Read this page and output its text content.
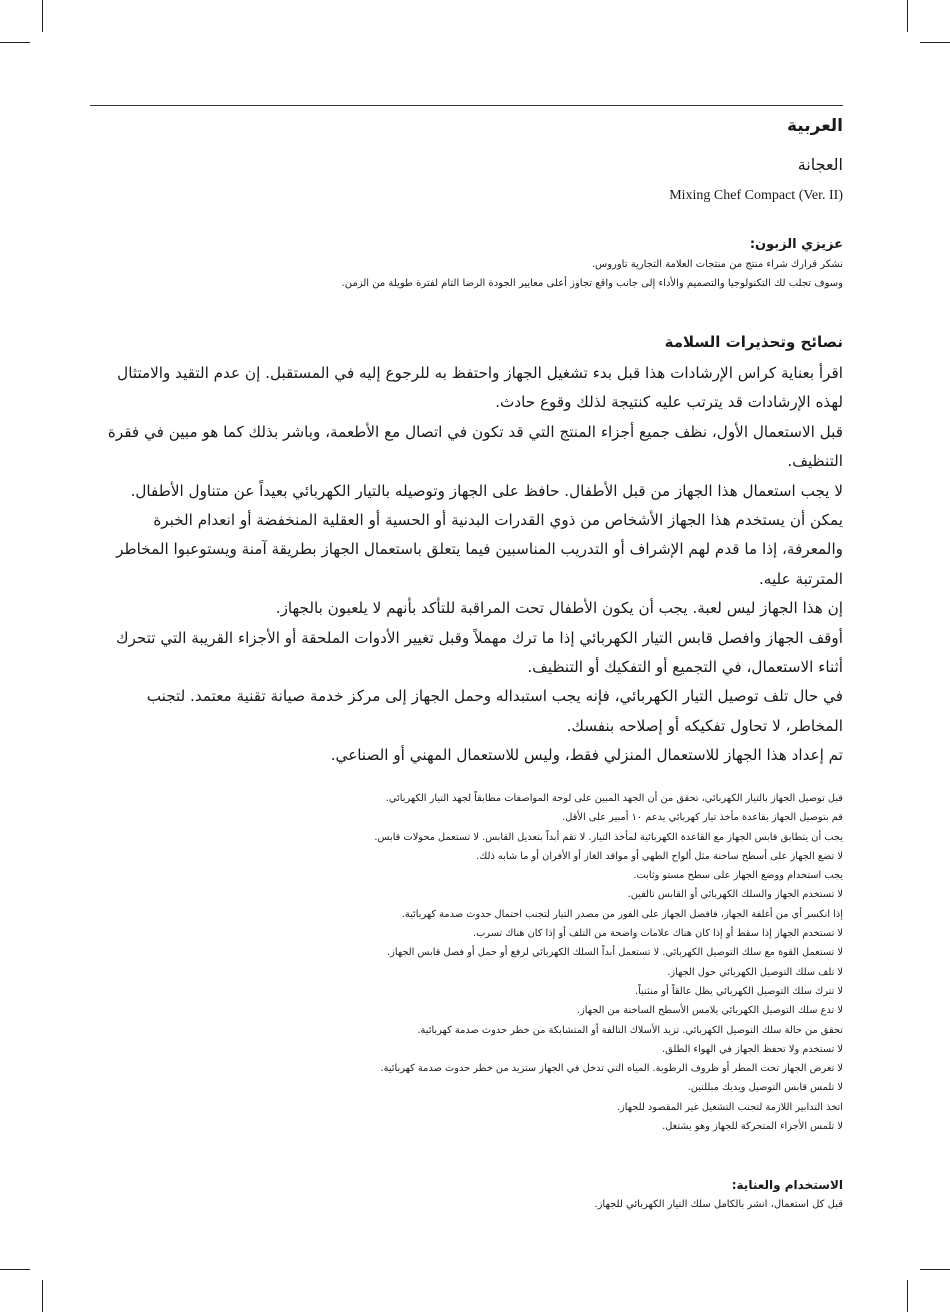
العربية
العجانة
Mixing Chef Compact (Ver. II)
عزيزي الزبون:
نشكر قرارك شراء منتج من منتجات العلامة التجارية تاوروس.
وسوف تجلب لك التكنولوجيا والتصميم والأداء إلى جانب واقع تجاوز أعلى معايير الجودة الرضا التام لفترة طويلة من الزمن.
نصائح وتحذيرات السلامة

اقرأ بعناية كراس الإرشادات هذا قبل بدء تشغيل الجهاز واحتفظ به للرجوع إليه في المستقبل. إن عدم التقيد والامتثال لهذه الإرشادات قد يترتب عليه كنتيجة لذلك وقوع حادث.

قبل الاستعمال الأول، نظف جميع أجزاء المنتج التي قد تكون في اتصال مع الأطعمة، وباشر بذلك كما هو مبين في فقرة التنظيف.

لا يجب استعمال هذا الجهاز من قبل الأطفال. حافظ على الجهاز وتوصيله بالتيار الكهربائي بعيداً عن متناول الأطفال.

يمكن أن يستخدم هذا الجهاز الأشخاص من ذوي القدرات البدنية أو الحسية أو العقلية المنخفضة أو انعدام الخبرة والمعرفة، إذا ما قدم لهم الإشراف أو التدريب المناسبين فيما يتعلق باستعمال الجهاز بطريقة آمنة ويستوعبوا المخاطر المترتبة عليه.

إن هذا الجهاز ليس لعبة. يجب أن يكون الأطفال تحت المراقبة للتأكد بأنهم لا يلعبون بالجهاز.

أوقف الجهاز وافصل قابس التيار الكهربائي إذا ما ترك مهملاً وقبل تغيير الأدوات الملحقة أو الأجزاء القريبة التي تتحرك أثناء الاستعمال، في التجميع أو التفكيك أو التنظيف.

في حال تلف توصيل التيار الكهربائي، فإنه يجب استبداله وحمل الجهاز إلى مركز خدمة صيانة تقنية معتمد. لتجنب المخاطر، لا تحاول تفكيكه أو إصلاحه بنفسك.

تم إعداد هذا الجهاز للاستعمال المنزلي فقط، وليس للاستعمال المهني أو الصناعي.

قبل توصيل الجهاز بالتيار الكهربائي، تحقق من أن الجهد المبين على لوحة المواصفات مطابقاً لجهد التيار الكهربائي.

قم بتوصيل الجهاز بقاعدة مأخذ تيار كهربائي يدعم ١٠ أمبير على الأقل.

يجب أن يتطابق قابس الجهاز مع القاعدة الكهربائية لمأخذ التيار. لا تقم أبداً بتعديل القابس. لا تستعمل محولات قابس.

لا تضع الجهاز على أسطح ساخنة مثل ألواح الطهي أو مواقد الغاز أو الأفران أو ما شابه ذلك.

يجب استخدام ووضع الجهاز على سطح مستو وثابت.

لا تستخدم الجهاز والسلك الكهربائي أو القابس تالفين.

إذا انكسر أي من أغلفة الجهاز، فافصل الجهاز على الفور من مصدر التيار لتجنب احتمال حدوث صدمة كهربائية.

لا تستخدم الجهاز إذا سقط أو إذا كان هناك علامات واضحة من التلف أو إذا كان هناك تسرب.

لا تستعمل القوة مع سلك التوصيل الكهربائي. لا تستعمل أبداً السلك الكهربائي لرفع أو حمل أو فصل قابس الجهاز.

لا تلف سلك التوصيل الكهربائي حول الجهاز.

لا تترك سلك التوصيل الكهربائي يظل عالقاً أو منثنياً.

لا تدع سلك التوصيل الكهربائي يلامس الأسطح الساخنة من الجهاز.

تحقق من حالة سلك التوصيل الكهربائي. تزيد الأسلاك التالفة أو المتشابكة من خطر حدوث صدمة كهربائية.

لا تستخدم ولا تحفظ الجهاز في الهواء الطلق.

لا تعرض الجهاز تحت المطر أو ظروف الرطوبة. المياه التي تدخل في الجهاز ستزيد من خطر حدوث صدمة كهربائية.

لا تلمس قابس التوصيل ويديك مبللتين.

اتخذ التدابير اللازمة لتجنب التشغيل غير المقصود للجهاز.

لا تلمس الأجزاء المتحركة للجهاز وهو يشتغل.

الاستخدام والعناية:
قبل كل استعمال، انشر بالكامل سلك التيار الكهربائي للجهاز.
